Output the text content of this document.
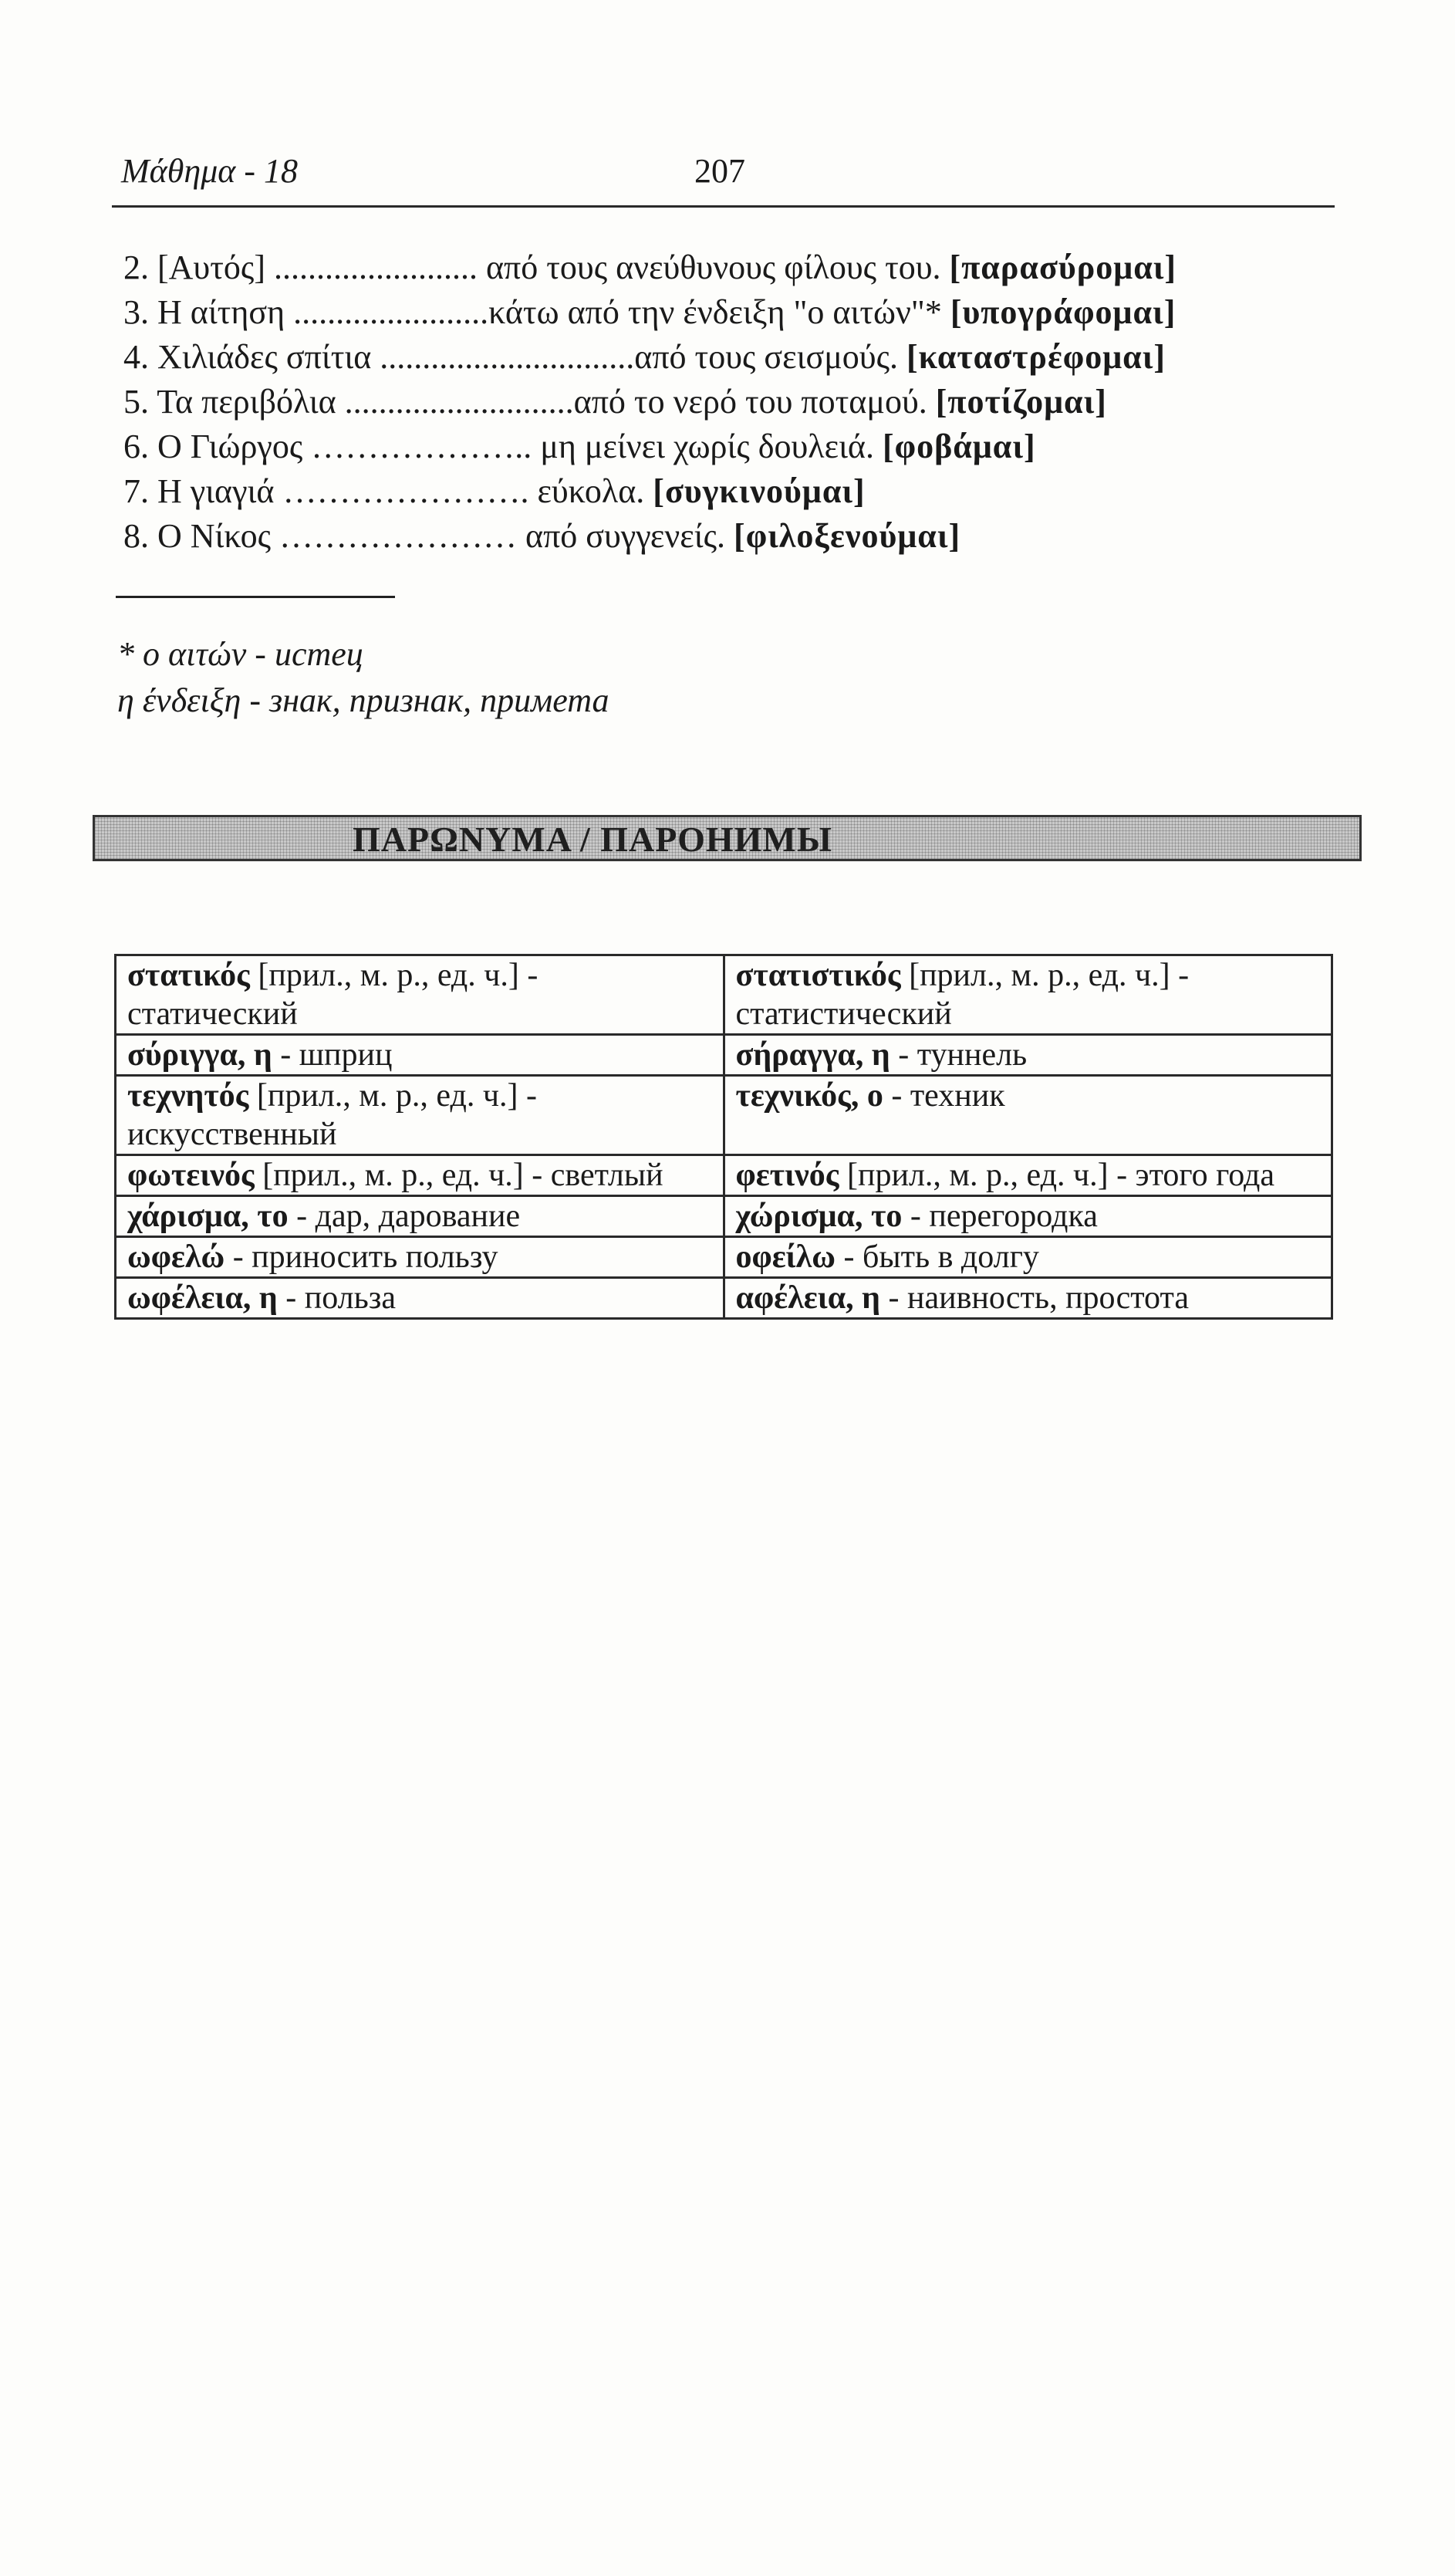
Μάθημα - 18	207
2. [Αυτός] ........................ από τους ανεύθυνους φίλους του. [παρασύρομαι]
3. Η αίτηση .......................κάτω από την ένδειξη "ο αιτών"* [υπογράφομαι]
4. Χιλιάδες σπίτια ..............................από τους σεισμούς. [καταστρέφομαι]
5. Τα περιβόλια ...........................από το νερό του ποταμού. [ποτίζομαι]
6. Ο Γιώργος ……………….. μη μείνει χωρίς δουλειά. [φοβάμαι]
7. Η γιαγιά …………………. εύκολα. [συγκινούμαι]
8. Ο Νίκος ………………… από συγγενείς. [φιλοξενούμαι]
* ο αιτών - истец
η ένδειξη - знак, признак, примета
ΠΑΡΩΝΥΜΑ / ПАРОНИМЫ
στατικός [прил., м. р., ед. ч.] - статический	στατιστικός [прил., м. р., ед. ч.] - статистический
σύριγγα, η - шприц	σήραγγα, η - туннель
τεχνητός [прил., м. р., ед. ч.] - искусственный	τεχνικός, ο - техник
φωτεινός [прил., м. р., ед. ч.] - светлый	φετινός [прил., м. р., ед. ч.] - этого года
χάρισμα, το - дар, дарование	χώρισμα, το - перегородка
ωφελώ - приносить пользу	οφείλω - быть в долгу
ωφέλεια, η - польза	αφέλεια, η - наивность, простота
